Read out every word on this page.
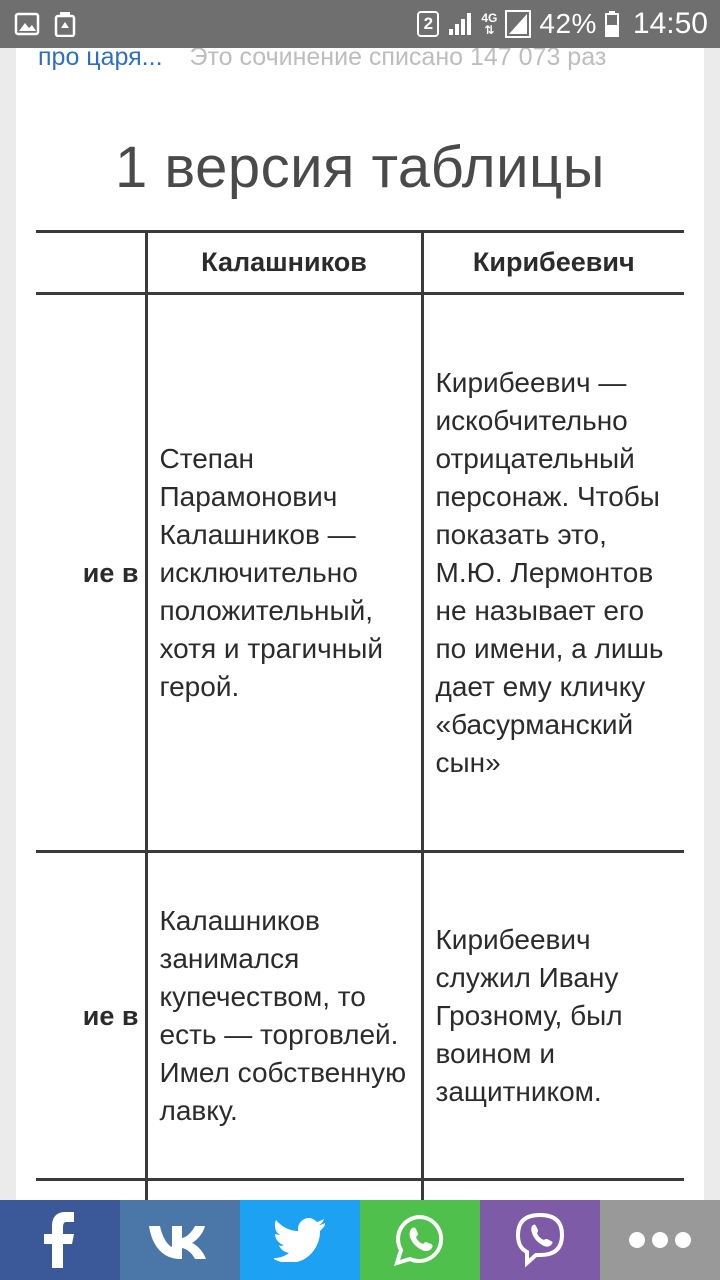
2	4G
⇅ 42% 14:50
про царя... Это сочинение списано 147 073 раз
1 версия таблицы
	Калашников	Кирибеевич
ие в	Степан Парамонович Калашников — исключительно положительный, хотя и трагичный герой.	Кирибеевич — искобчительно отрицательный персонаж. Чтобы показать это, М.Ю. Лермонтов не называет его по имени, а лишь дает ему кличку «басурманский сын»
ие в	Калашников занимался купечеством, то есть — торговлей. Имел собственную лавку.	Кирибеевич служил Ивану Грозному, был воином и защитником.
